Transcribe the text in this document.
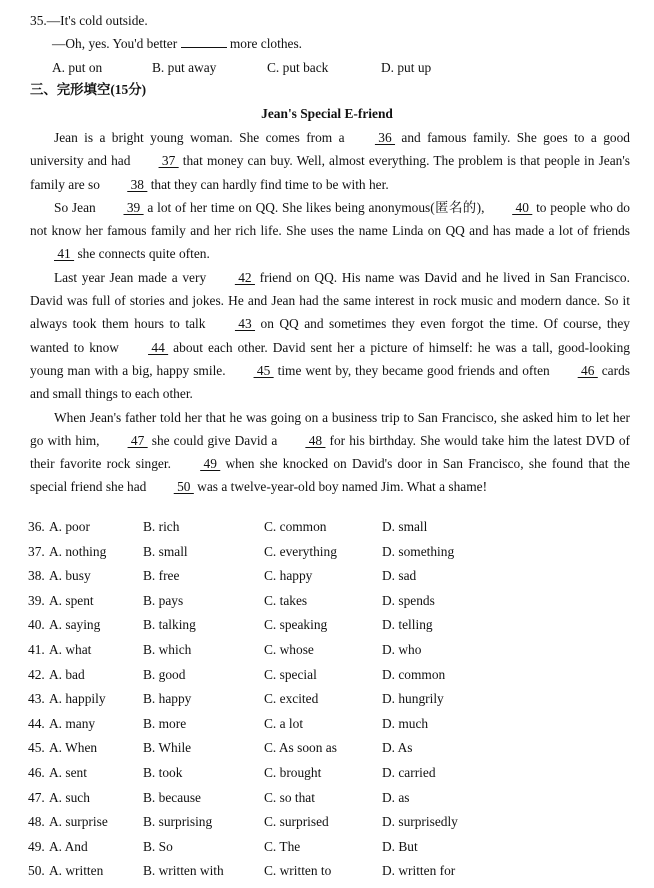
35.—It's cold outside.
—Oh, yes. You'd better	more clothes.
A. put on	B. put away	C. put back	D. put up
三、完形填空(15分)
Jean's Special E-friend

Jean is a bright young woman. She comes from a  36  and famous family. She goes to a good university and had  37  that money can buy. Well, almost everything. The problem is that people in Jean's family are so  38  that they can hardly find time to be with her.

So Jean  39  a lot of her time on QQ. She likes being anonymous(匿名的),  40  to people who do not know her famous family and her rich life. She uses the name Linda on QQ and has made a lot of friends  41  she connects quite often.

Last year Jean made a very  42  friend on QQ. His name was David and he lived in San Francisco. David was full of stories and jokes. He and Jean had the same interest in rock music and modern dance. So it always took them hours to talk  43  on QQ and sometimes they even forgot the time. Of course, they wanted to know  44  about each other. David sent her a picture of himself: he was a tall, good-looking young man with a big, happy smile.  45  time went by, they became good friends and often  46  cards and small things to each other.

When Jean's father told her that he was going on a business trip to San Francisco, she asked him to let her go with him,  47  she could give David a  48  for his birthday. She would take him the latest DVD of their favorite rock singer.  49  when she knocked on David's door in San Francisco, she found that the special friend she had  50  was a twelve-year-old boy named Jim. What a shame!

36. A. poor	B. rich	C. common	D. small
37. A. nothing	B. small	C. everything	D. something
38. A. busy	B. free	C. happy	D. sad
39. A. spent	B. pays	C. takes	D. spends
40. A. saying	B. talking	C. speaking	D. telling
41. A. what	B. which	C. whose	D. who
42. A. bad	B. good	C. special	D. common
43. A. happily	B. happy	C. excited	D. hungrily
44. A. many	B. more	C. a lot	D. much
45. A. When	B. While	C. As soon as	D. As
46. A. sent	B. took	C. brought	D. carried
47. A. such	B. because	C. so that	D. as
48. A. surprise	B. surprising	C. surprised	D. surprisedly
49. A. And	B. So	C. The	D. But
50. A. written	B. written with	C. written to	D. written for
